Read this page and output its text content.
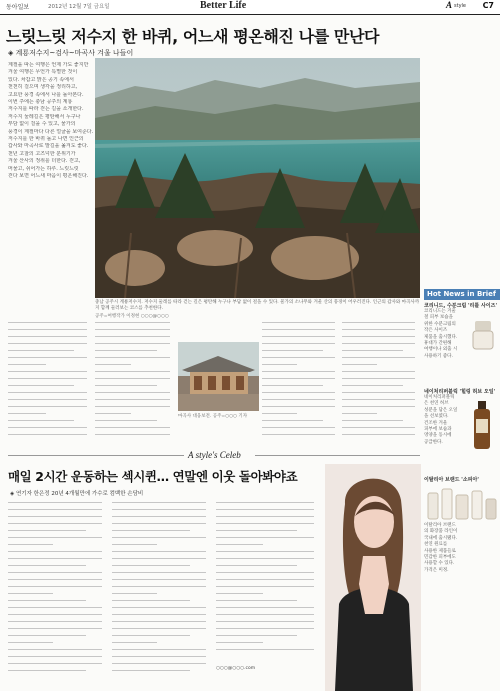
동아일보	2012년 12월 7일 금요일	Better Life	A style C7
느릿느릿 저수지 한 바퀴, 어느새 평온해진 나를 만난다
◈ 계룡저수지~검사~마곡사 겨울 나들이

계절을 따는 여행은 언제 가도 좋지만

겨울 여행은 무언가 특별한 것이

있다. 차갑고 맑은 공기 속에서

천천히 걸으며 생각을 정리하고,

고요한 풍경 속에서 나를 돌아본다.

이번 주에는 충남 공주의 계룡

저수지를 따라 걷는 길을 소개한다.

저수지 둘레길은 평탄해서 누구나

부담 없이 걸을 수 있고, 물가의

풍경이 계절마다 다른 얼굴을 보여준다.

저수지를 한 바퀴 돌고 나면 인근의

갑사와 마곡사로 발길을 옮겨도 좋다.

천년 고찰의 고즈넉한 분위기가

겨울 산사의 정취를 더한다. 걷고,

머물고, 쉬어가는 하루. 느릿느릿

걷다 보면 어느새 마음이 평온해진다.

충남 공주시 계룡저수지. 저수지 둘레를 따라 걷는 길은 평탄해 누구나 부담 없이 걸을 수 있다. 물가의 소나무와 겨울 산의 풍경이 어우러진다. 인근의 갑사와 마곡사까지 함께 둘러보는 코스를 추천한다.
공주=여행작가 이정현 ○○○@○○○
마곡사 대웅보전. 공주=○○○ 기자
Hot News in Brief

코리니드, 수분크림 '리틀 사이즈'

코리니드는 겨울

철 피부 보습을

위한 수분크림의

작은 사이즈

제품을 출시했다.

휴대가 간편해

여행이나 외출 시

사용하기 좋다.

네이처리퍼블릭 '힐링 허브 오일'

네이처리퍼블릭

은 천연 허브

성분을 담은 오일

을 선보였다.

건조한 겨울

피부에 보습과

영양을 동시에

공급한다.

이탈리아 브랜드 '소피아'

이탈리아 브랜드

의 화장품 라인이

국내에 출시됐다.

천연 원료를

사용한 제품들로

민감한 피부에도

사용할 수 있다.

가격은 미정.

A style's Celeb
매일 2시간 운동하는 섹시퀸… 연말엔 이웃 돌아봐야죠
◈ 연기자 한은정 20년 4개월만에 가수로 컴백한 손담비
○○○@○○○.com
